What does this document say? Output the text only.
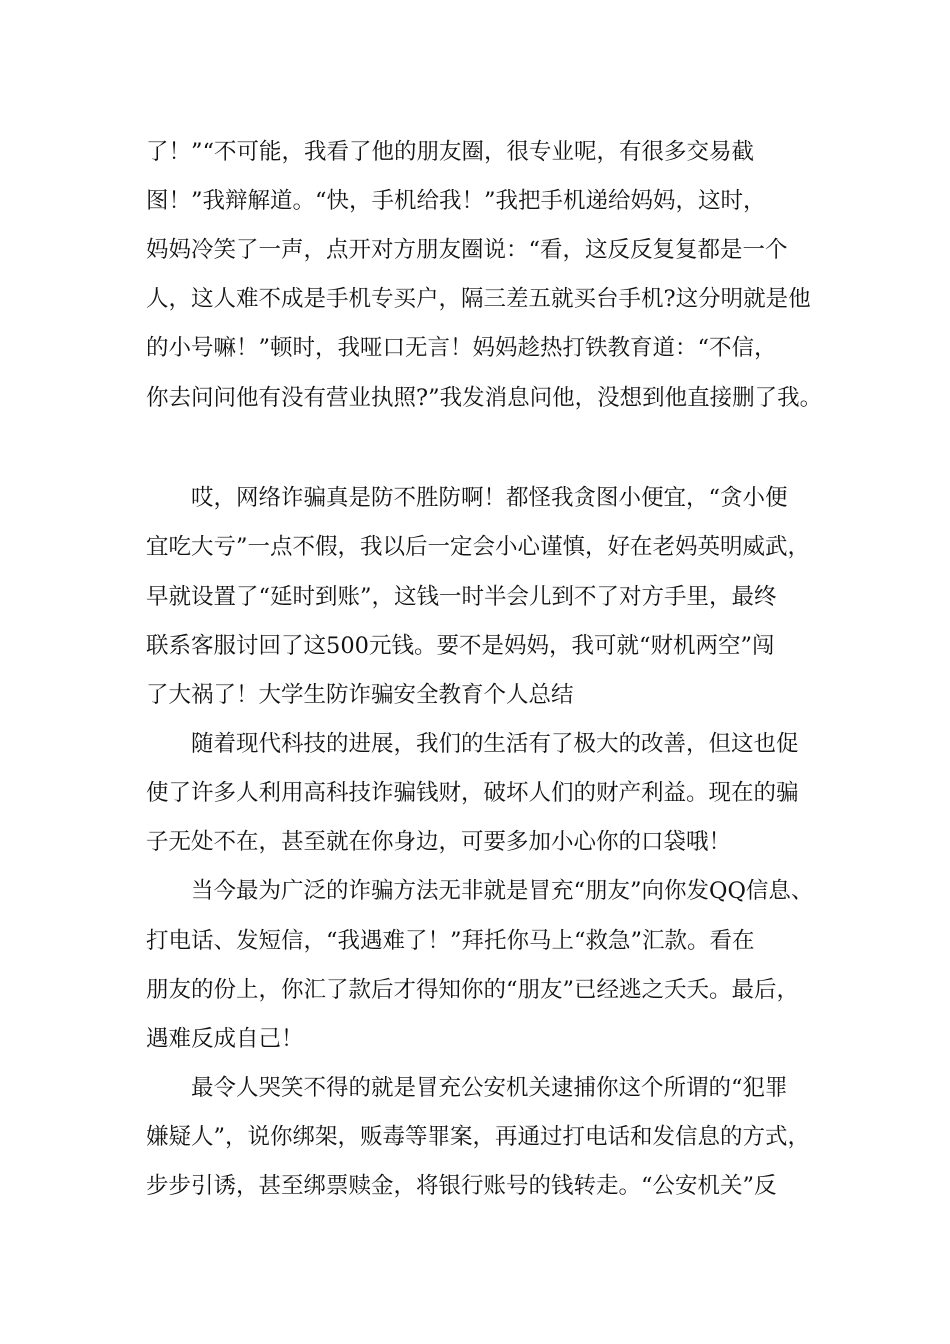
了！”“不可能，我看了他的朋友圈，很专业呢，有很多交易截
图！”我辩解道。“快，手机给我！”我把手机递给妈妈，这时，
妈妈冷笑了一声，点开对方朋友圈说：“看，这反反复复都是一个
人，这人难不成是手机专买户，隔三差五就买台手机?这分明就是他
的小号嘛！”顿时，我哑口无言！妈妈趁热打铁教育道：“不信，
你去问问他有没有营业执照?”我发消息问他，没想到他直接删了我。
哎，网络诈骗真是防不胜防啊！都怪我贪图小便宜，“贪小便
宜吃大亏”一点不假，我以后一定会小心谨慎，好在老妈英明威武，
早就设置了“延时到账”，这钱一时半会儿到不了对方手里，最终
联系客服讨回了这500元钱。要不是妈妈，我可就“财机两空”闯
了大祸了！大学生防诈骗安全教育个人总结
随着现代科技的进展，我们的生活有了极大的改善，但这也促
使了许多人利用高科技诈骗钱财，破坏人们的财产利益。现在的骗
子无处不在，甚至就在你身边，可要多加小心你的口袋哦！
当今最为广泛的诈骗方法无非就是冒充“朋友”向你发QQ信息、
打电话、发短信，“我遇难了！”拜托你马上“救急”汇款。看在
朋友的份上，你汇了款后才得知你的“朋友”已经逃之夭夭。最后，
遇难反成自己！
最令人哭笑不得的就是冒充公安机关逮捕你这个所谓的“犯罪
嫌疑人”，说你绑架，贩毒等罪案，再通过打电话和发信息的方式，
步步引诱，甚至绑票赎金，将银行账号的钱转走。“公安机关”反
